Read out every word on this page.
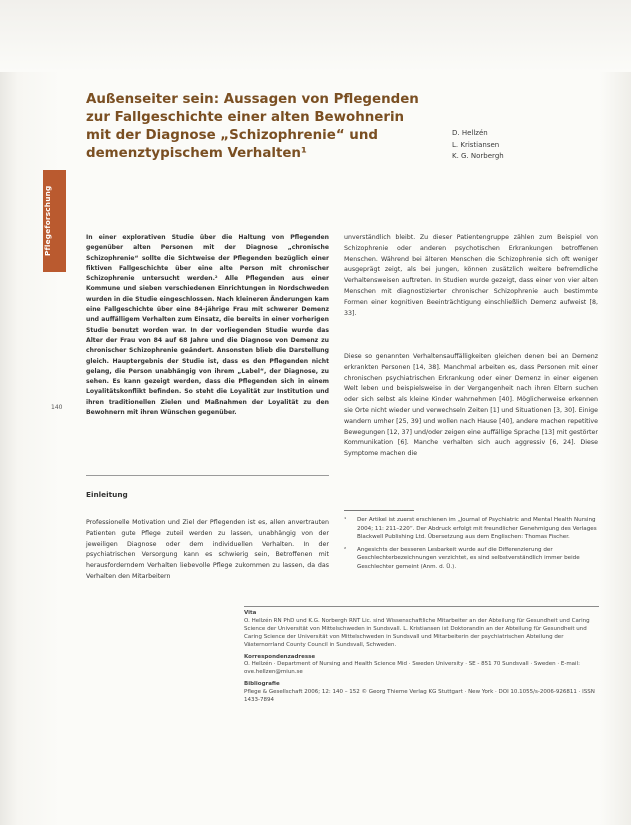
Außenseiter sein: Aussagen von Pflegenden
zur Fallgeschichte einer alten Bewohnerin
mit der Diagnose „Schizophrenie“ und
demenztypischem Verhalten¹
D. Hellzén
L. Kristiansen
K. G. Norbergh
Pflegeforschung
140
In einer explorativen Studie über die Haltung von Pflegenden gegenüber alten Personen mit der Diagnose „chronische Schizophrenie“ sollte die Sichtweise der Pflegenden bezüglich einer fiktiven Fallgeschichte über eine alte Person mit chronischer Schizophrenie untersucht werden.² Alle Pflegenden aus einer Kommune und sieben verschiedenen Einrichtungen in Nordschweden wurden in die Studie eingeschlossen. Nach kleineren Änderungen kam eine Fallgeschichte über eine 84-jährige Frau mit schwerer Demenz und auffälligem Verhalten zum Einsatz, die bereits in einer vorherigen Studie benutzt worden war. In der vorliegenden Studie wurde das Alter der Frau von 84 auf 68 Jahre und die Diagnose von Demenz zu chronischer Schizophrenie geändert. Ansonsten blieb die Darstellung gleich. Hauptergebnis der Studie ist, dass es den Pflegenden nicht gelang, die Person unabhängig von ihrem „Label“, der Diagnose, zu sehen. Es kann gezeigt werden, dass die Pflegenden sich in einem Loyalitätskonflikt befinden. So steht die Loyalität zur Institution und ihren traditionellen Zielen und Maßnahmen der Loyalität zu den Bewohnern mit ihren Wünschen gegenüber.
Einleitung
Professionelle Motivation und Ziel der Pflegenden ist es, allen anvertrauten Patienten gute Pflege zuteil werden zu lassen, unabhängig von der jeweiligen Diagnose oder dem individuellen Verhalten. In der psychiatrischen Versorgung kann es schwierig sein, Betroffenen mit herausforderndem Verhalten liebevolle Pflege zukommen zu lassen, da das Verhalten den Mitarbeitern
unverständlich bleibt. Zu dieser Patientengruppe zählen zum Beispiel von Schizophrenie oder anderen psychotischen Erkrankungen betroffenen Menschen. Während bei älteren Menschen die Schizophrenie sich oft weniger ausgeprägt zeigt, als bei jungen, können zusätzlich weitere befremdliche Verhaltensweisen auftreten. In Studien wurde gezeigt, dass einer von vier alten Menschen mit diagnostizierter chronischer Schizophrenie auch bestimmte Formen einer kognitiven Beeinträchtigung einschließlich Demenz aufweist [8, 33].
Diese so genannten Verhaltensauffälligkeiten gleichen denen bei an Demenz erkrankten Personen [14, 38]. Manchmal arbeiten es, dass Personen mit einer chronischen psychiatrischen Erkrankung oder einer Demenz in einer eigenen Welt leben und beispielsweise in der Vergangenheit nach ihren Eltern suchen oder sich selbst als kleine Kinder wahrnehmen [40]. Möglicherweise erkennen sie Orte nicht wieder und verwechseln Zeiten [1] und Situationen [3, 30]. Einige wandern umher [25, 39] und wollen nach Hause [40], andere machen repetitive Bewegungen [12, 37] und/oder zeigen eine auffällige Sprache [13] mit gestörter Kommunikation [6]. Manche verhalten sich auch aggressiv [6, 24]. Diese Symptome machen die
¹	Der Artikel ist zuerst erschienen im „Journal of Psychiatric and Mental Health Nursing 2004; 11: 211–220“. Der Abdruck erfolgt mit freundlicher Genehmigung des Verlages Blackwell Publishing Ltd. Übersetzung aus dem Englischen: Thomas Fischer.
²	Angesichts der besseren Lesbarkeit wurde auf die Differenzierung der Geschlechterbezeichnungen verzichtet, es sind selbstverständlich immer beide Geschlechter gemeint (Anm. d. Ü.).
Vita
O. Hellzén RN PhD und K.G. Norbergh RNT Lic. sind Wissenschaftliche Mitarbeiter an der Abteilung für Gesundheit und Caring Science der Universität von Mittelschweden in Sundsvall. L. Kristiansen ist Doktorandin an der Abteilung für Gesundheit und Caring Science der Universität von Mittelschweden in Sundsvall und Mitarbeiterin der psychiatrischen Abteilung der Västernorrland County Council in Sundsvall, Schweden.
Korrespondenzadresse
O. Hellzén · Department of Nursing and Health Science Mid · Sweden University · SE - 851 70 Sundsvall · Sweden · E-mail: ove.hellzen@miun.se
Bibliografie
Pflege & Gesellschaft 2006; 12: 140 – 152 © Georg Thieme Verlag KG Stuttgart · New York · DOI 10.1055/s-2006-926811 · ISSN 1433-7894
